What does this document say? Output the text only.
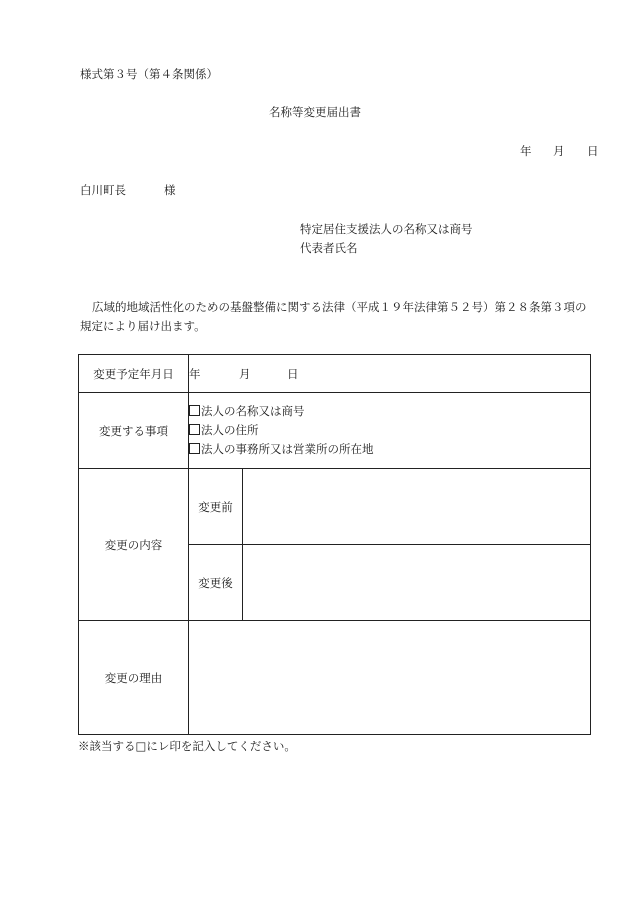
様式第３号（第４条関係）
名称等変更届出書
年 月 日
白川町長	様
特定居住支援法人の名称又は商号
代表者氏名
広域的地域活性化のための基盤整備に関する法律（平成１９年法律第５２号）第２８条第３項の規定により届け出ます。
変更予定年月日	年 月 日	
変更する事項	法人の名称又は商号
法人の住所
法人の事務所又は営業所の所在地	

変更の内容	変更前	
	変更後	
変更の理由		
※該当する□にレ印を記入してください。
